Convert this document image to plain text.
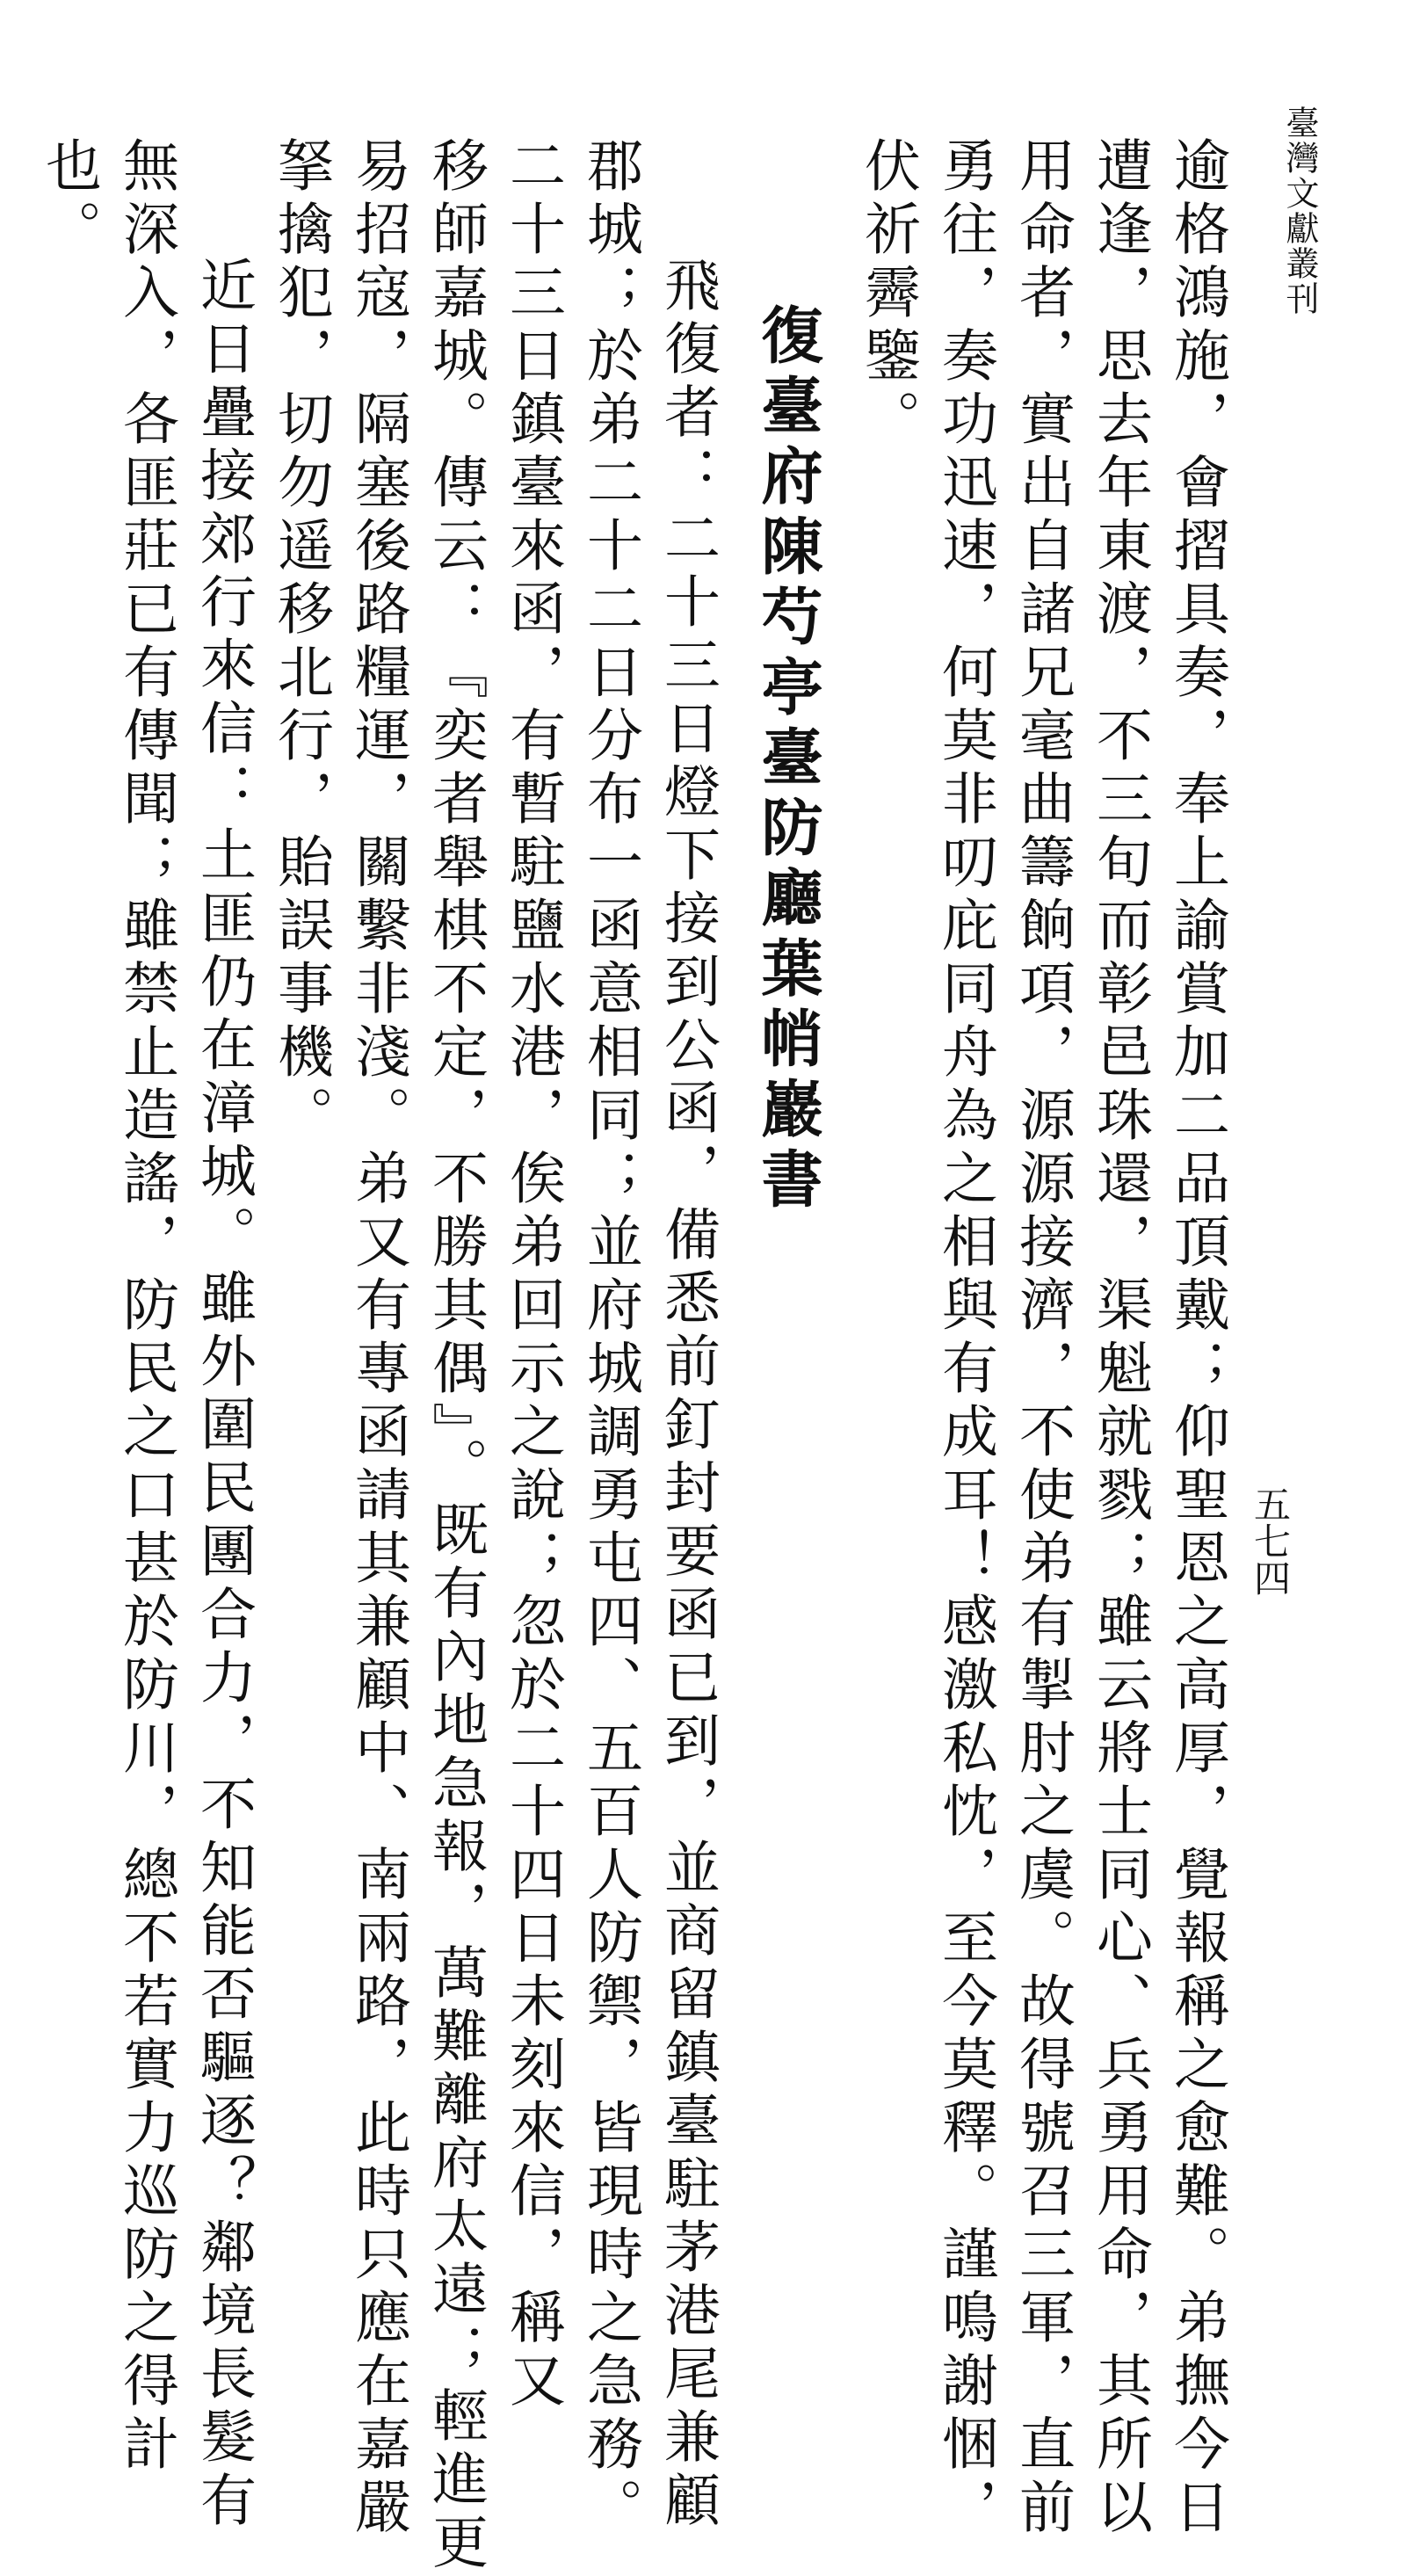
臺灣文獻叢刊
五七四
逾格鴻施，會摺具奏，奉上諭賞加二品頂戴；仰聖恩之高厚，覺報稱之愈難。弟撫今日
遭逢，思去年東渡，不三旬而彰邑珠還，渠魁就戮；雖云將士同心、兵勇用命，其所以
用命者，實出自諸兄毫曲籌餉項，源源接濟，不使弟有掣肘之虞。故得號召三軍，直前
勇往，奏功迅速，何莫非叨庇同舟為之相與有成耳！感激私忱，至今莫釋。謹鳴謝悃，
伏祈霽鑒。
復臺府陳芍亭臺防廳葉帩巖書
飛復者：二十三日燈下接到公函，備悉前釘封要函已到，並商留鎮臺駐茅港尾兼顧
郡城；於弟二十二日分布一函意相同；並府城調勇屯四、五百人防禦，皆現時之急務。
二十三日鎮臺來函，有暫駐鹽水港，俟弟回示之說；忽於二十四日未刻來信，稱又
移師嘉城。傳云：『奕者舉棋不定，不勝其偶』。既有內地急報，萬難離府太遠；輕進更
易招寇，隔塞後路糧運，關繫非淺。弟又有專函請其兼顧中、南兩路，此時只應在嘉嚴
拏擒犯，切勿遥移北行，貽誤事機。
近日疊接郊行來信：土匪仍在漳城。雖外圍民團合力，不知能否驅逐？鄰境長髮有
無深入，各匪莊已有傳聞；雖禁止造謠，防民之口甚於防川，總不若實力巡防之得計
也。
